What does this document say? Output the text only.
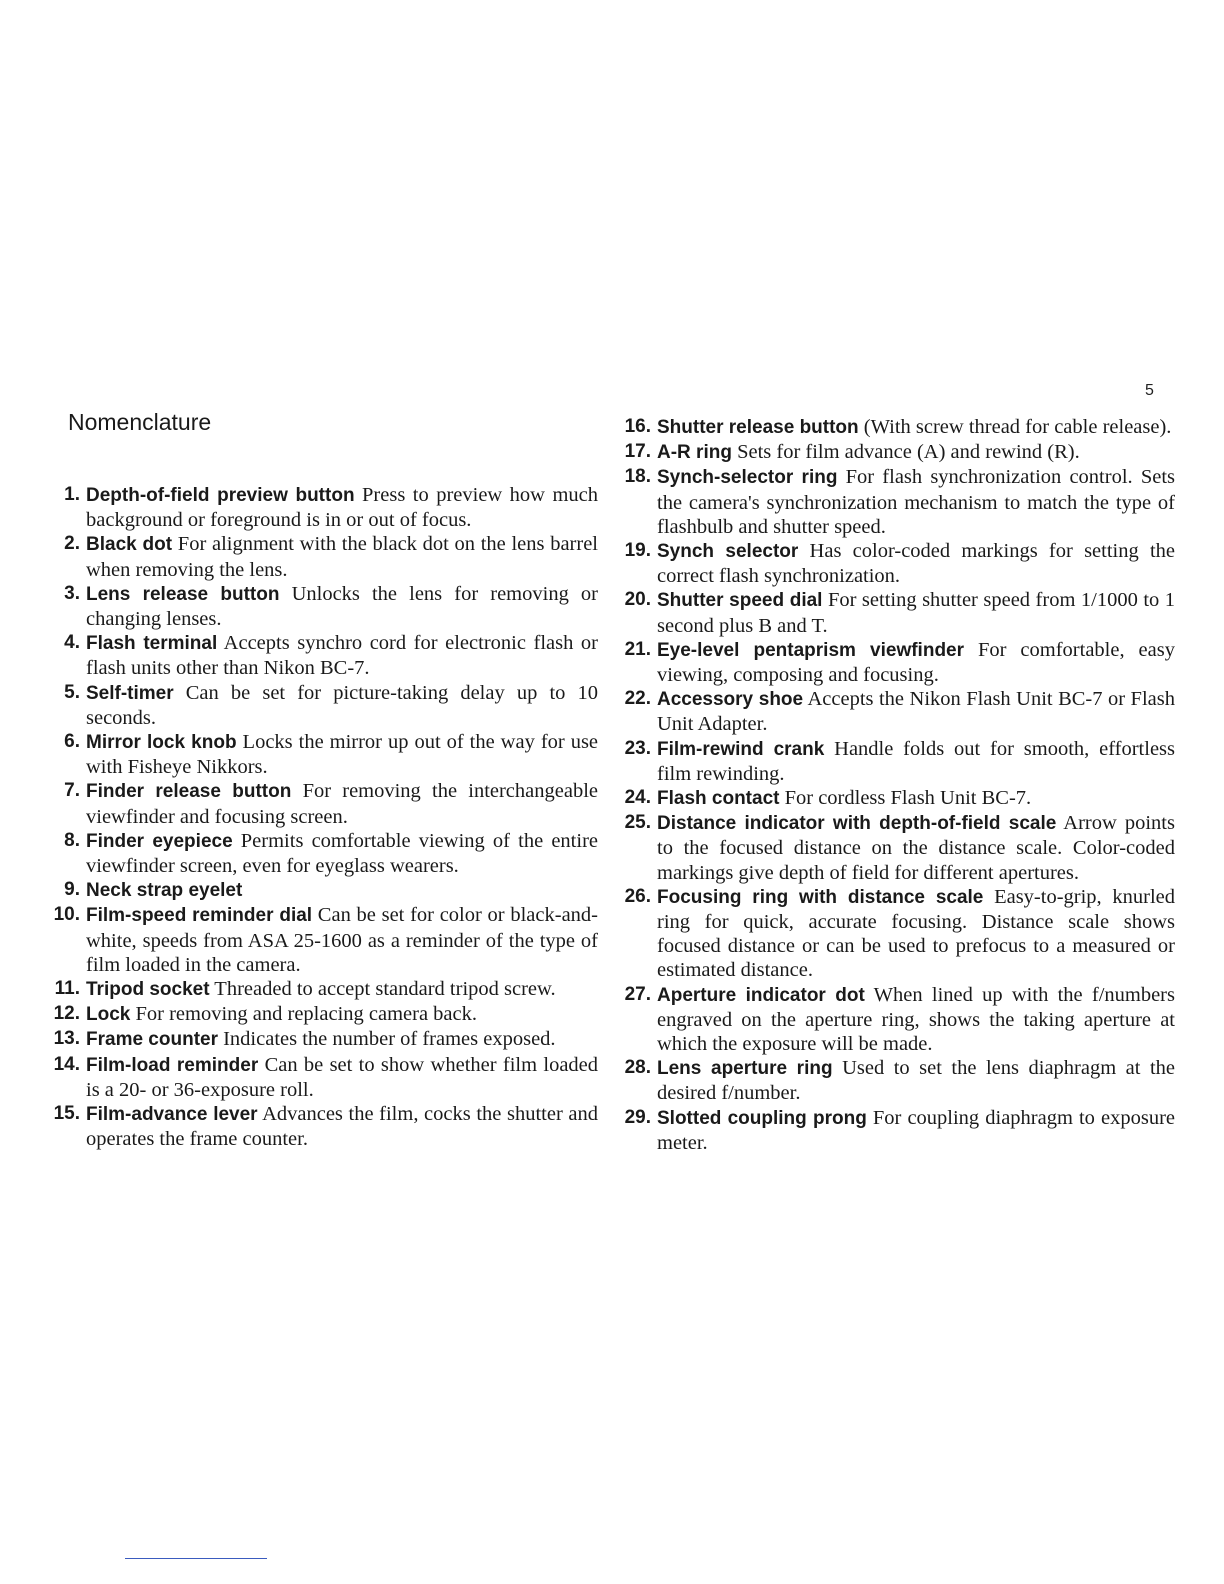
5
Nomenclature

1. Depth-of-field preview button Press to preview how much background or foreground is in or out of focus.

2. Black dot For alignment with the black dot on the lens barrel when removing the lens.

3. Lens release button Unlocks the lens for removing or changing lenses.

4. Flash terminal Accepts synchro cord for electronic flash or flash units other than Nikon BC-7.

5. Self-timer Can be set for picture-taking delay up to 10 seconds.

6. Mirror lock knob Locks the mirror up out of the way for use with Fisheye Nikkors.

7. Finder release button For removing the interchangeable viewfinder and focusing screen.

8. Finder eyepiece Permits comfortable viewing of the entire viewfinder screen, even for eyeglass wearers.

9. Neck strap eyelet

10. Film-speed reminder dial Can be set for color or black-and-white, speeds from ASA 25-1600 as a reminder of the type of film loaded in the camera.

11. Tripod socket Threaded to accept standard tripod screw.

12. Lock For removing and replacing camera back.

13. Frame counter Indicates the number of frames exposed.

14. Film-load reminder Can be set to show whether film loaded is a 20- or 36-exposure roll.

15. Film-advance lever Advances the film, cocks the shutter and operates the frame counter.

16. Shutter release button (With screw thread for cable release).

17. A-R ring Sets for film advance (A) and rewind (R).

18. Synch-selector ring For flash synchronization control. Sets the camera's synchronization mechanism to match the type of flashbulb and shutter speed.

19. Synch selector Has color-coded markings for setting the correct flash synchronization.

20. Shutter speed dial For setting shutter speed from 1/1000 to 1 second plus B and T.

21. Eye-level pentaprism viewfinder For comfortable, easy viewing, composing and focusing.

22. Accessory shoe Accepts the Nikon Flash Unit BC-7 or Flash Unit Adapter.

23. Film-rewind crank Handle folds out for smooth, effortless film rewinding.

24. Flash contact For cordless Flash Unit BC-7.

25. Distance indicator with depth-of-field scale Arrow points to the focused distance on the distance scale. Color-coded markings give depth of field for different apertures.

26. Focusing ring with distance scale Easy-to-grip, knurled ring for quick, accurate focusing. Distance scale shows focused distance or can be used to prefocus to a measured or estimated distance.

27. Aperture indicator dot When lined up with the f/numbers engraved on the aperture ring, shows the taking aperture at which the exposure will be made.

28. Lens aperture ring Used to set the lens diaphragm at the desired f/number.

29. Slotted coupling prong For coupling diaphragm to exposure meter.
